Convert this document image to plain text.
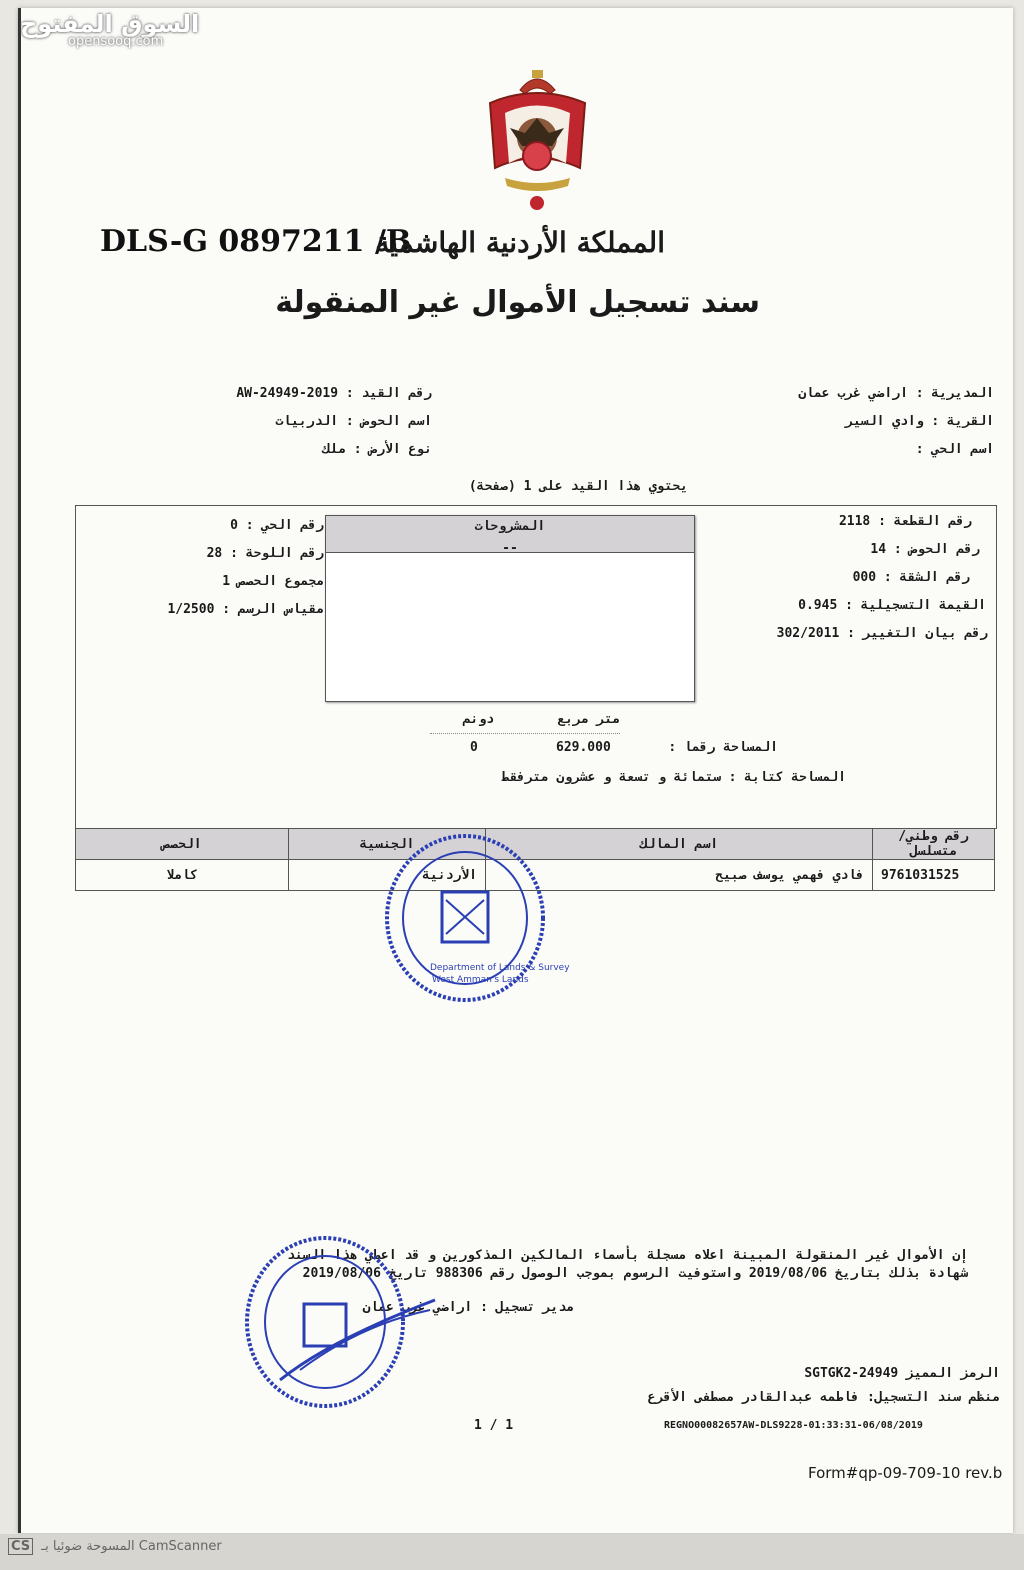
السوق المفتوح
opensooq.com
DLS-G 0897211 /B
المملكة الأردنية الهاشمية
سند تسجيل الأموال غير المنقولة
المديرية : اراضي غرب عمان
القرية : وادي السير
اسم الحي :
رقم القيد : 2019-AW-24949
اسم الحوض : الدربيات
نوع الأرض : ملك
يحتوي هذا القيد على 1 (صفحة)
رقم القطعة : 2118
رقم الحوض : 14
رقم الشقة : 000
القيمة التسجيلية : 0.945
رقم بيان التغيير : 302/2011
رقم الحي : 0
رقم اللوحة : 28
مجموع الحصص 1
مقياس الرسم : 1/2500
المشروحات
--
متر مربع
دونم
المساحة رقما :
629.000
0
المساحة كتابة : ستمائة و تسعة و عشرون مترفقط
الحصص	الجنسية	اسم المالك	رقم وطني/متسلسل
كاملا	الأردنية	فادي فهمي يوسف صبيح	9761031525
Department of Lands & Survey
West Amman's Lands
إن الأموال غير المنقولة المبينة اعلاه مسجلة بأسماء المالكين المذكورين و قد اعطي هذا السند
شهادة بذلك بتاريخ 2019/08/06 واستوفيت الرسوم بموجب الوصول رقم 988306 تاريخ 2019/08/06
مدير تسجيل : اراضي غرب عمان
الرمز المميز 24949-SGTGK2
منظم سند التسجيل: فاطمه عبدالقادر مصطفى الأقرع
1 / 1	REGNO00082657AW-DLS9228-01:33:31-06/08/2019
Form#qp-09-709-10 rev.b
CS المسوحة ضوئيا بـ CamScanner
